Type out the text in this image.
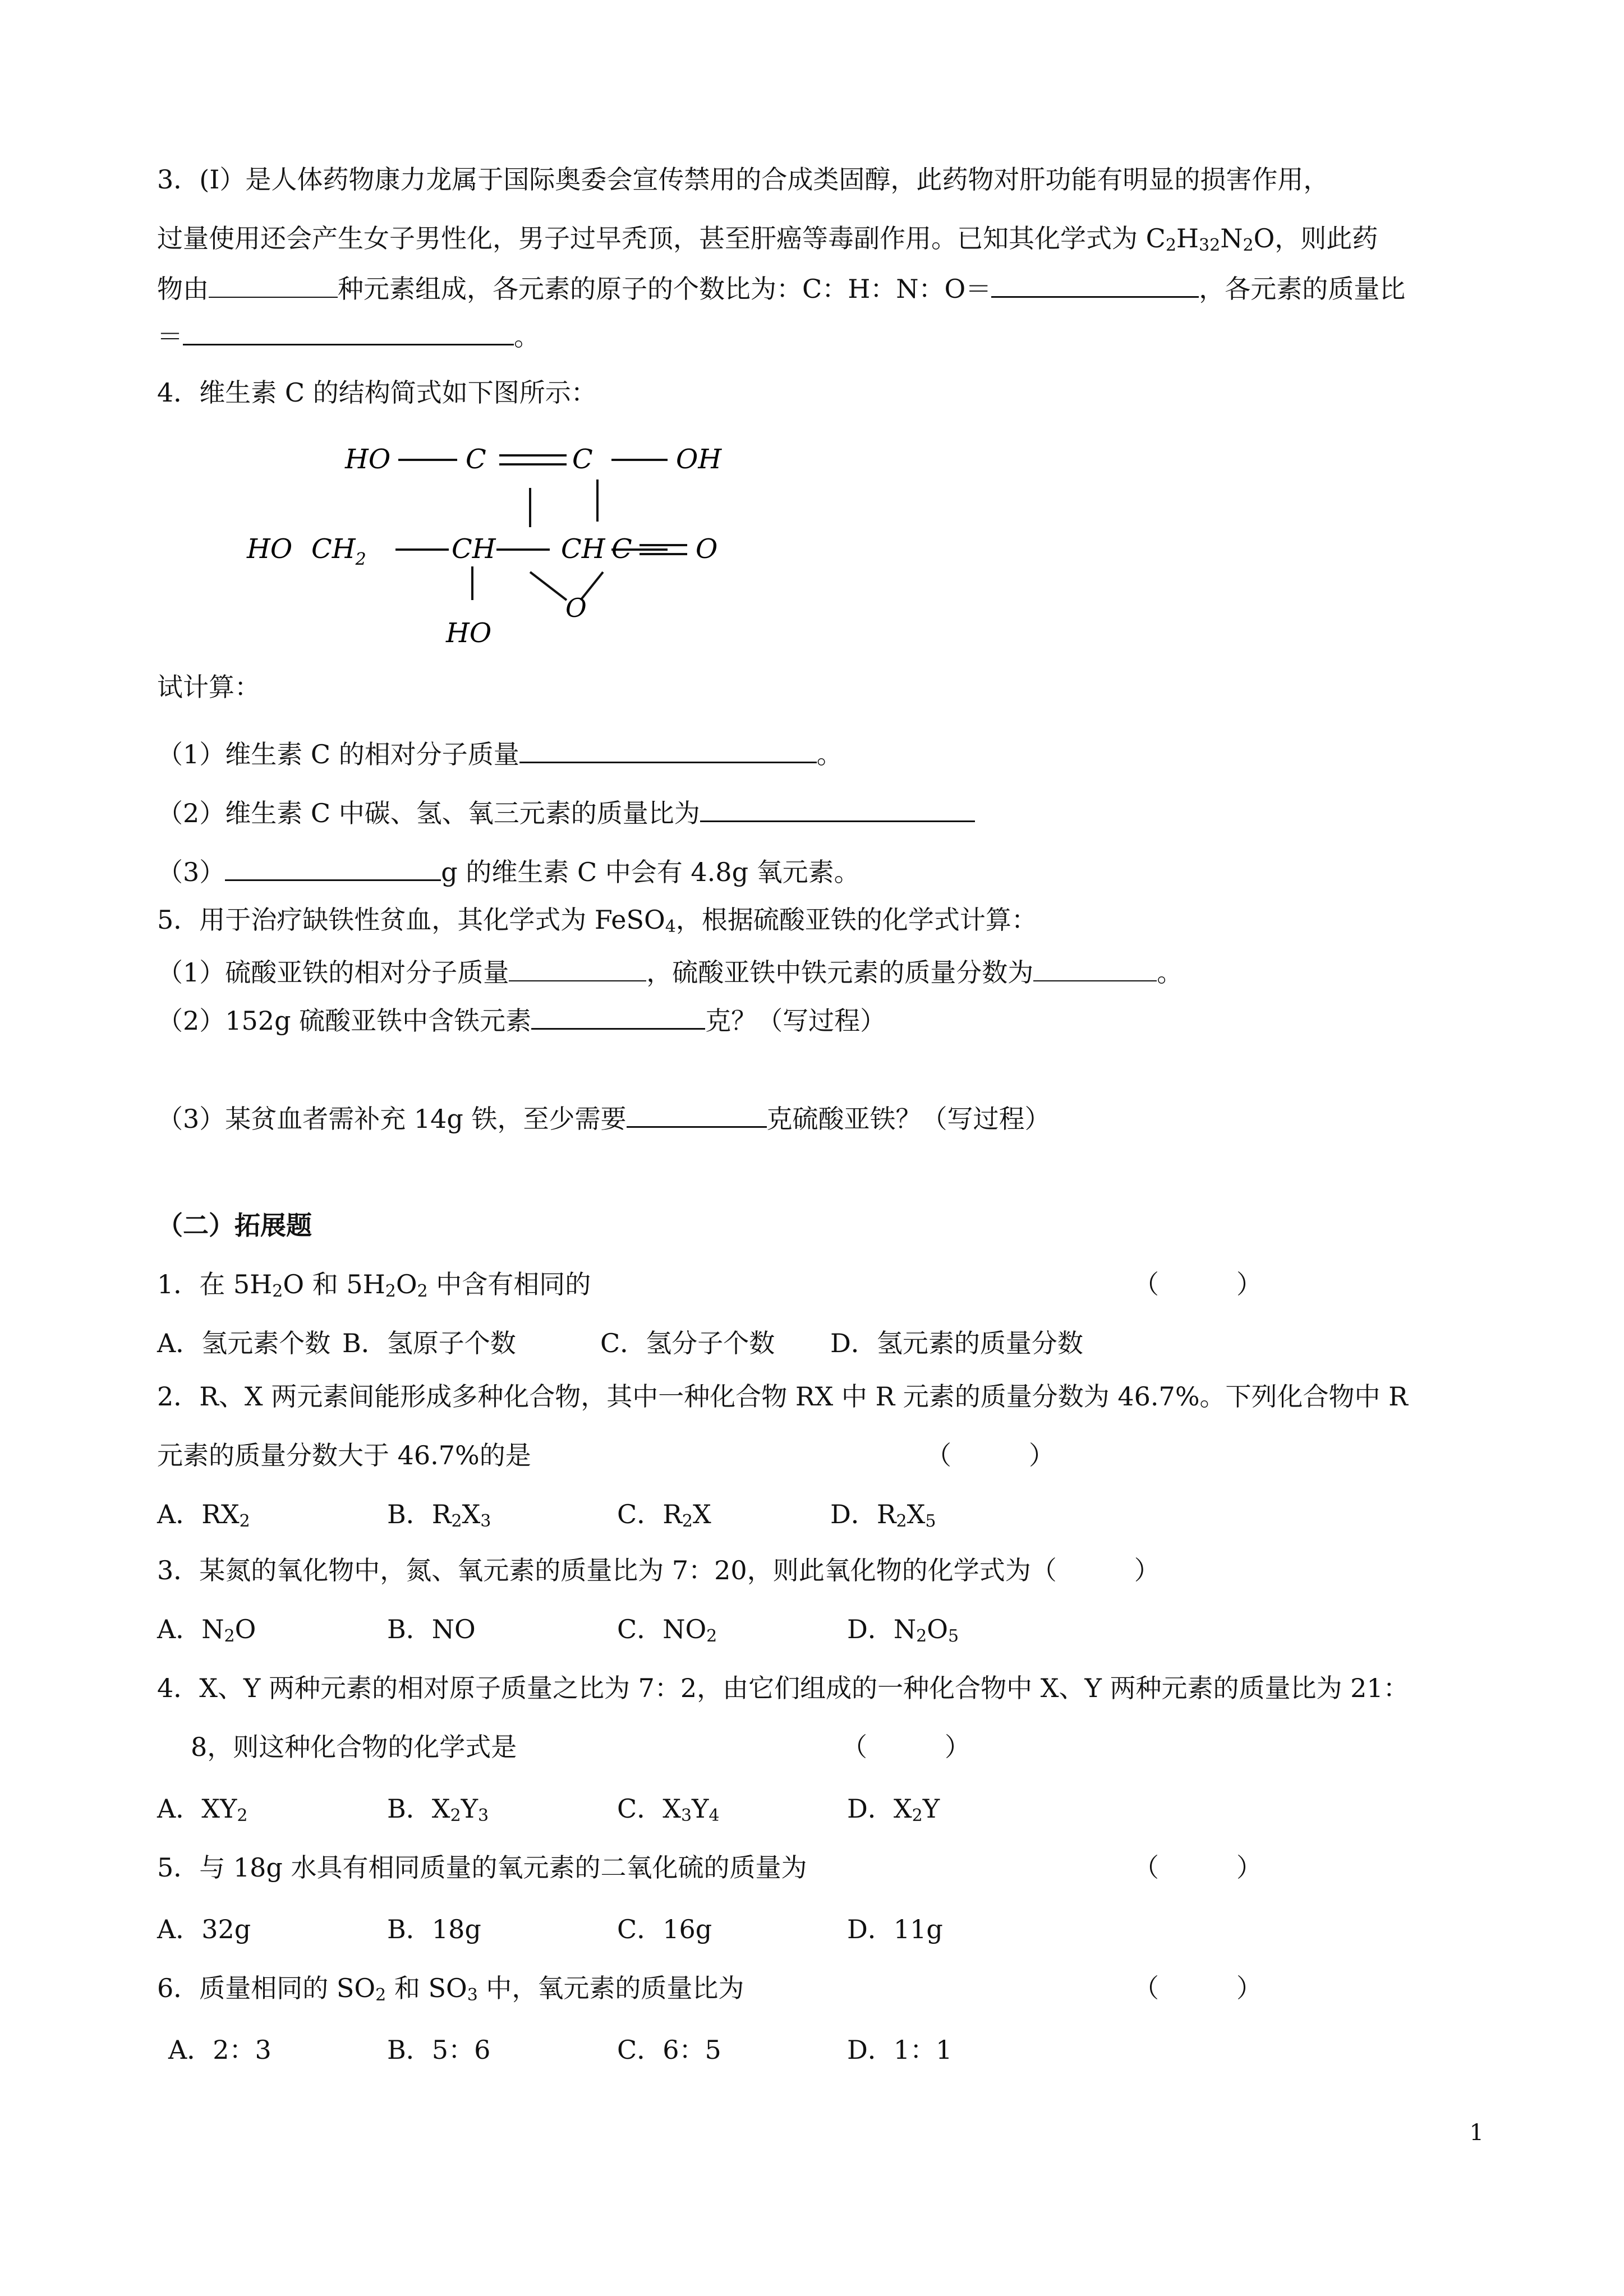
3．(Ⅰ）是人体药物康力龙属于国际奥委会宣传禁用的合成类固醇，此药物对肝功能有明显的损害作用，
过量使用还会产生女子男性化，男子过早秃顶，甚至肝癌等毒副作用。已知其化学式为 $C_2H_{32}N_2O$，则此药
物由	种元素组成，各元素的原子的个数比为：C：H：N：O＝	，各元素的质量比
＝	。
4．维生素 C 的结构简式如下图所示：
HO	C	C	OH
HO $CH_2$	CH CH C O
O
HO
试计算：
（1）维生素 C 的相对分子质量	。
（2）维生素 C 中碳、氢、氧三元素的质量比为
（3）	g 的维生素 C 中会有 4.8g 氧元素。
5．用于治疗缺铁性贫血，其化学式为 FeSO$_4$，根据硫酸亚铁的化学式计算：
（1）硫酸亚铁的相对分子质量	，硫酸亚铁中铁元素的质量分数为	。
（2）152g 硫酸亚铁中含铁元素	克？（写过程）
（3）某贫血者需补充 14g 铁，至少需要	克硫酸亚铁？（写过程）
（二）拓展题
1．在 $5H_2O$ 和 $5H_2O_2$ 中含有相同的	（　　　）
A．氢元素个数 B．氢原子个数	C．氢分子个数 D．氢元素的质量分数
2．R、X 两元素间能形成多种化合物，其中一种化合物 RX 中 R 元素的质量分数为 46.7%。下列化合物中 R
元素的质量分数大于 46.7%的是	（　　　）
A．$RX_2$	B．$R_2X_3$	C．$R_2X$	D．$R_2X_5$
3．某氮的氧化物中，氮、氧元素的质量比为 7：20，则此氧化物的化学式为（　　　）
A．$N_2O$	B．NO	C．$NO_2$	D．$N_2O_5$
4．X、Y 两种元素的相对原子质量之比为 7：2，由它们组成的一种化合物中 X、Y 两种元素的质量比为 21：
8，则这种化合物的化学式是	（　　　）
A．$XY_2$	B．$X_2Y_3$	C．$X_3Y_4$	D．$X_2Y$
5．与 18g 水具有相同质量的氧元素的二氧化硫的质量为	（　　　）
A．32g	B．18g	C．16g	D．11g
6．质量相同的 $SO_2$ 和 $SO_3$ 中，氧元素的质量比为	（　　　）
A．2：3	B．5：6	C．6：5	D．1：1
1
